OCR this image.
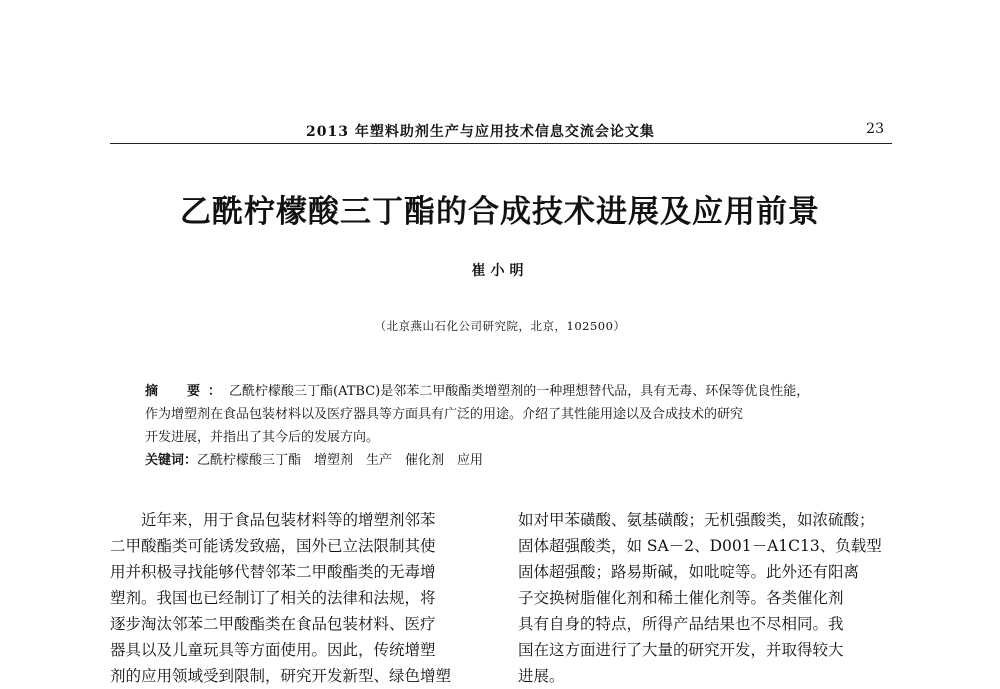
2013 年塑料助剂生产与应用技术信息交流会论文集	23
乙酰柠檬酸三丁酯的合成技术进展及应用前景
崔小明
（北京燕山石化公司研究院，北京，102500）
摘　要：乙酰柠檬酸三丁酯(ATBC)是邻苯二甲酸酯类增塑剂的一种理想替代品，具有无毒、环保等优良性能，
作为增塑剂在食品包装材料以及医疗器具等方面具有广泛的用途。介绍了其性能用途以及合成技术的研究
开发进展，并指出了其今后的发展方向。
关键词：乙酰柠檬酸三丁酯　增塑剂　生产　催化剂　应用
　　近年来，用于食品包装材料等的增塑剂邻苯
二甲酸酯类可能诱发致癌，国外已立法限制其使
用并积极寻找能够代替邻苯二甲酸酯类的无毒增
塑剂。我国也已经制订了相关的法律和法规，将
逐步淘汰邻苯二甲酸酯类在食品包装材料、医疗
器具以及儿童玩具等方面使用。因此，传统增塑
剂的应用领域受到限制，研究开发新型、绿色增塑
如对甲苯磺酸、氨基磺酸；无机强酸类，如浓硫酸；
固体超强酸类，如 SA－2、D001－A1C13、负载型
固体超强酸；路易斯碱，如吡啶等。此外还有阳离
子交换树脂催化剂和稀土催化剂等。各类催化剂
具有自身的特点，所得产品结果也不尽相同。我
国在这方面进行了大量的研究开发，并取得较大
进展。
